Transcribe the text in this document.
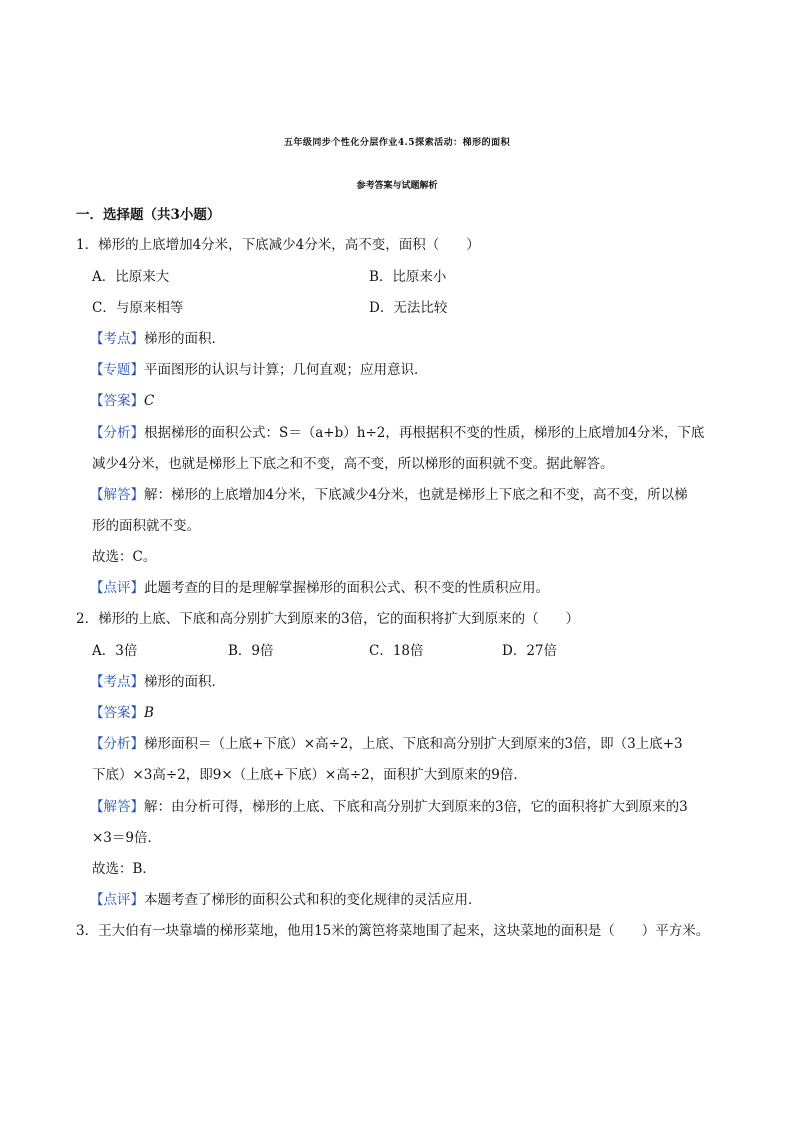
五年级同步个性化分层作业4.5探索活动：梯形的面积
参考答案与试题解析
一．选择题（共3小题）
1．梯形的上底增加4分米，下底减少4分米，高不变，面积（　　）
A．比原来大	B．比原来小
C．与原来相等	D．无法比较
【考点】梯形的面积．
【专题】平面图形的认识与计算；几何直观；应用意识．
【答案】C
【分析】根据梯形的面积公式：S＝（a+b）h÷2，再根据积不变的性质，梯形的上底增加4分米，下底
减少4分米，也就是梯形上下底之和不变，高不变，所以梯形的面积就不变。据此解答。
【解答】解：梯形的上底增加4分米，下底减少4分米，也就是梯形上下底之和不变，高不变，所以梯
形的面积就不变。
故选：C。
【点评】此题考查的目的是理解掌握梯形的面积公式、积不变的性质积应用。
2．梯形的上底、下底和高分别扩大到原来的3倍，它的面积将扩大到原来的（　　）
A．3倍	B．9倍	C．18倍	D．27倍
【考点】梯形的面积．
【答案】B
【分析】梯形面积＝（上底+下底）×高÷2，上底、下底和高分别扩大到原来的3倍，即（3上底+3
下底）×3高÷2，即9×（上底+下底）×高÷2，面积扩大到原来的9倍．
【解答】解：由分析可得，梯形的上底、下底和高分别扩大到原来的3倍，它的面积将扩大到原来的3
×3＝9倍．
故选：B．
【点评】本题考查了梯形的面积公式和积的变化规律的灵活应用．
3．王大伯有一块靠墙的梯形菜地，他用15米的篱笆将菜地围了起来，这块菜地的面积是（　　）平方米。
